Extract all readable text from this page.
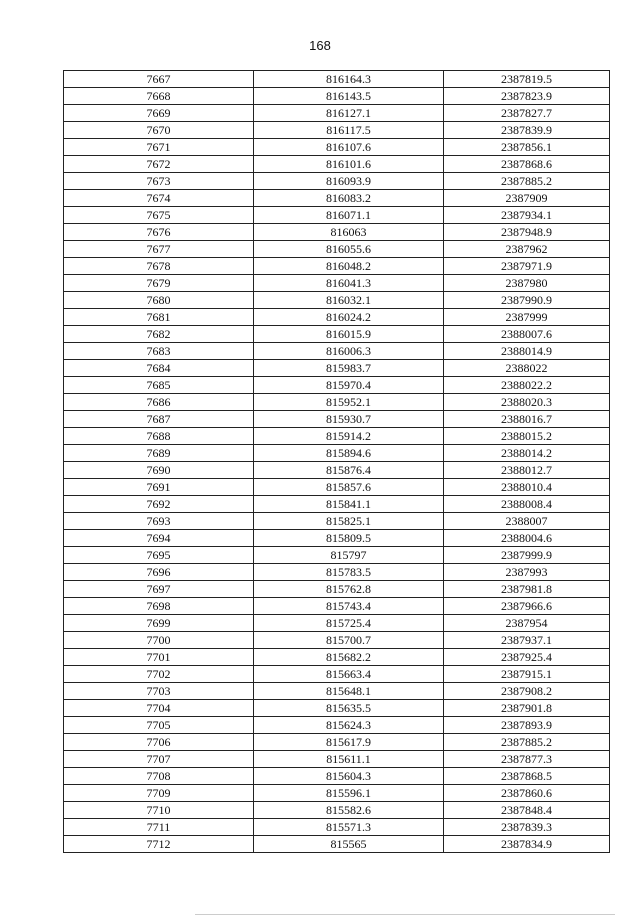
168
7667	816164.3	2387819.5
7668	816143.5	2387823.9
7669	816127.1	2387827.7
7670	816117.5	2387839.9
7671	816107.6	2387856.1
7672	816101.6	2387868.6
7673	816093.9	2387885.2
7674	816083.2	2387909
7675	816071.1	2387934.1
7676	816063	2387948.9
7677	816055.6	2387962
7678	816048.2	2387971.9
7679	816041.3	2387980
7680	816032.1	2387990.9
7681	816024.2	2387999
7682	816015.9	2388007.6
7683	816006.3	2388014.9
7684	815983.7	2388022
7685	815970.4	2388022.2
7686	815952.1	2388020.3
7687	815930.7	2388016.7
7688	815914.2	2388015.2
7689	815894.6	2388014.2
7690	815876.4	2388012.7
7691	815857.6	2388010.4
7692	815841.1	2388008.4
7693	815825.1	2388007
7694	815809.5	2388004.6
7695	815797	2387999.9
7696	815783.5	2387993
7697	815762.8	2387981.8
7698	815743.4	2387966.6
7699	815725.4	2387954
7700	815700.7	2387937.1
7701	815682.2	2387925.4
7702	815663.4	2387915.1
7703	815648.1	2387908.2
7704	815635.5	2387901.8
7705	815624.3	2387893.9
7706	815617.9	2387885.2
7707	815611.1	2387877.3
7708	815604.3	2387868.5
7709	815596.1	2387860.6
7710	815582.6	2387848.4
7711	815571.3	2387839.3
7712	815565	2387834.9
